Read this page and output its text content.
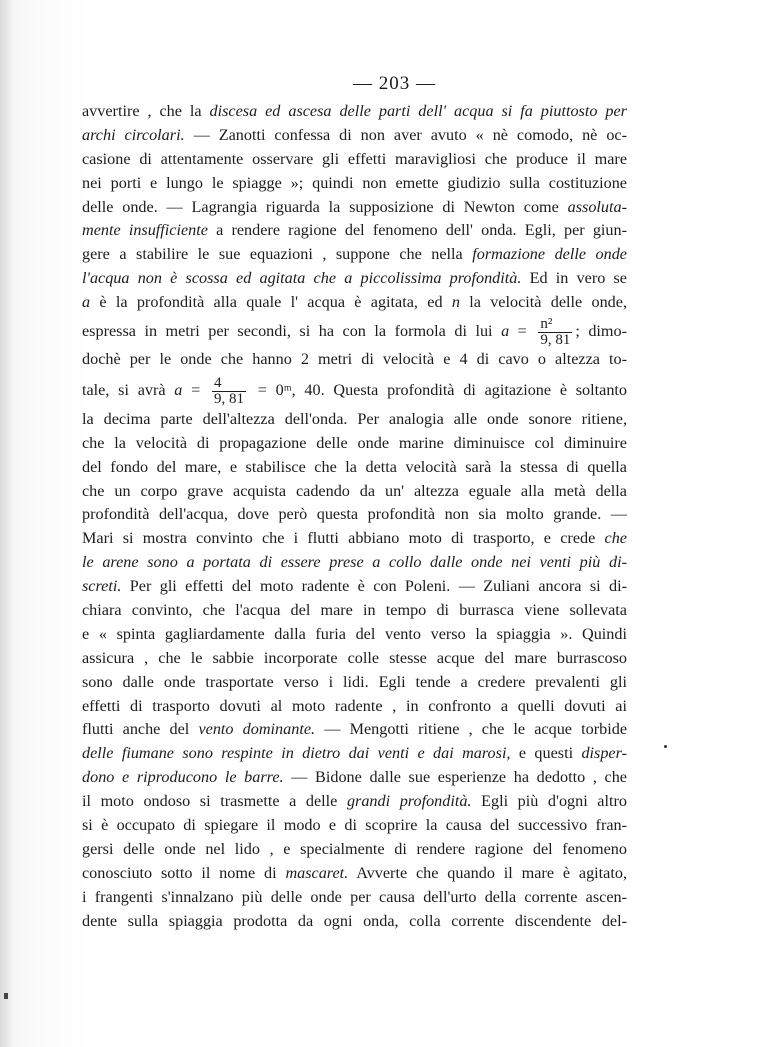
— 203 —
avvertire , che la discesa ed ascesa delle parti dell' acqua si fa piuttosto per
archi circolari. — Zanotti confessa di non aver avuto « nè comodo, nè oc-
casione di attentamente osservare gli effetti maravigliosi che produce il mare
nei porti e lungo le spiagge »; quindi non emette giudizio sulla costituzione
delle onde. — Lagrangia riguarda la supposizione di Newton come assoluta-
mente insufficiente a rendere ragione del fenomeno dell' onda. Egli, per giun-
gere a stabilire le sue equazioni , suppone che nella formazione delle onde
l'acqua non è scossa ed agitata che a piccolissima profondità. Ed in vero se
a è la profondità alla quale l' acqua è agitata, ed n la velocità delle onde,
espressa in metri per secondi, si ha con la formola di lui $a = \frac{\text{n²}}{9, 81}$ ; dimo-
dochè per le onde che hanno 2 metri di velocità e 4 di cavo o altezza to-
tale, si avrà $a = \frac{4}{9, 81}$ = 0ᵐ, 40. Questa profondità di agitazione è soltanto
la decima parte dell'altezza dell'onda. Per analogia alle onde sonore ritiene,
che la velocità di propagazione delle onde marine diminuisce col diminuire
del fondo del mare, e stabilisce che la detta velocità sarà la stessa di quella
che un corpo grave acquista cadendo da un' altezza eguale alla metà della
profondità dell'acqua, dove però questa profondità non sia molto grande. —
Mari si mostra convinto che i flutti abbiano moto di trasporto, e crede che
le arene sono a portata di essere prese a collo dalle onde nei venti più di-
screti. Per gli effetti del moto radente è con Poleni. — Zuliani ancora si di-
chiara convinto, che l'acqua del mare in tempo di burrasca viene sollevata
e « spinta gagliardamente dalla furia del vento verso la spiaggia ». Quindi
assicura , che le sabbie incorporate colle stesse acque del mare burrascoso
sono dalle onde trasportate verso i lidi. Egli tende a credere prevalenti gli
effetti di trasporto dovuti al moto radente , in confronto a quelli dovuti ai
flutti anche del vento dominante. — Mengotti ritiene , che le acque torbide
delle fiumane sono respinte in dietro dai venti e dai marosi, e questi disper-
dono e riproducono le barre. — Bidone dalle sue esperienze ha dedotto , che
il moto ondoso si trasmette a delle grandi profondità. Egli più d'ogni altro
si è occupato di spiegare il modo e di scoprire la causa del successivo fran-
gersi delle onde nel lido , e specialmente di rendere ragione del fenomeno
conosciuto sotto il nome di mascaret. Avverte che quando il mare è agitato,
i frangenti s'innalzano più delle onde per causa dell'urto della corrente ascen-
dente sulla spiaggia prodotta da ogni onda, colla corrente discendente del-
